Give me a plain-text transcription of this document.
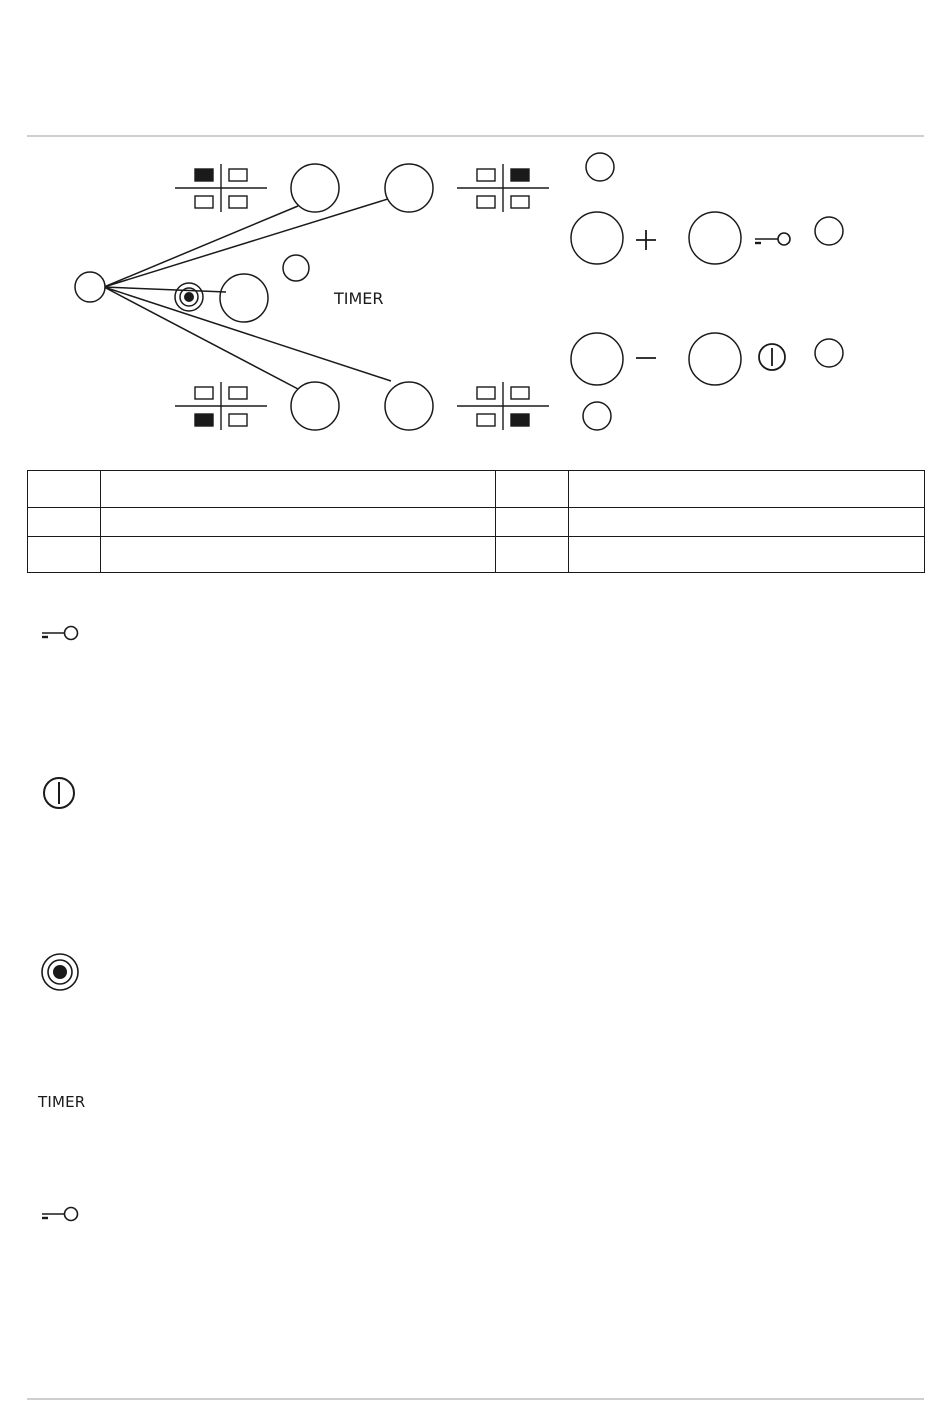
TIMER

TIMER
